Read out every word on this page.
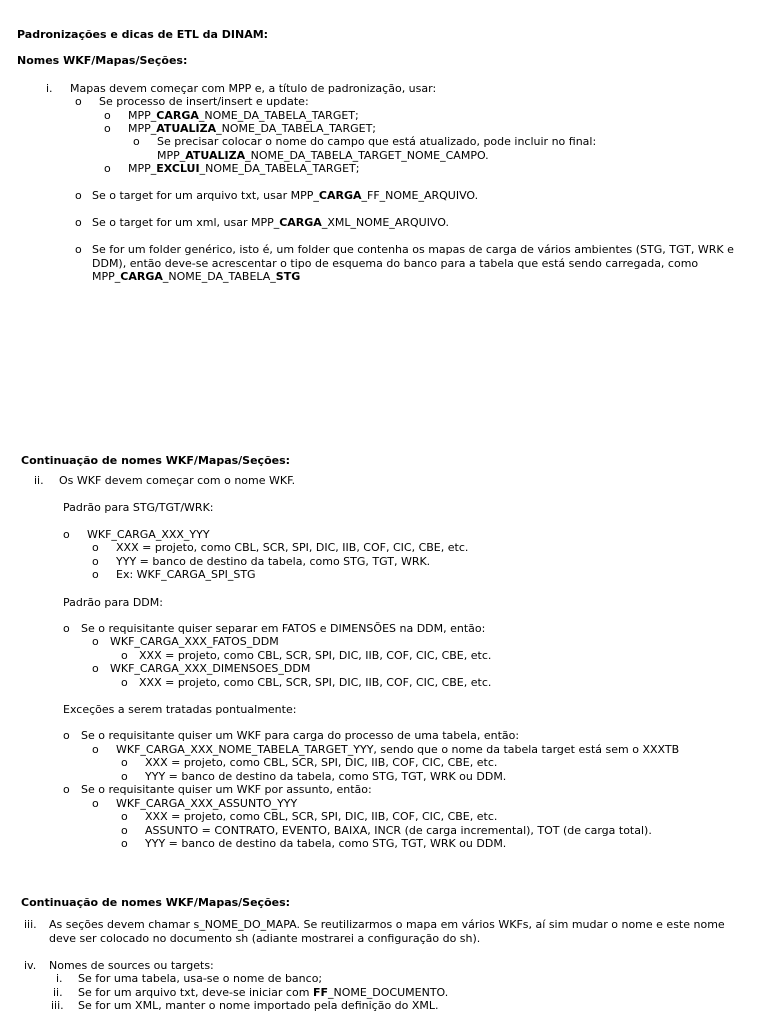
Padronizações e dicas de ETL da DINAM:
Nomes WKF/Mapas/Seções:
i. Mapas devem começar com MPP e, a título de padronização, usar:
o Se processo de insert/insert e update:
o MPP_CARGA_NOME_DA_TABELA_TARGET;
o MPP_ATUALIZA_NOME_DA_TABELA_TARGET;
o Se precisar colocar o nome do campo que está atualizado, pode incluir no final:
MPP_ATUALIZA_NOME_DA_TABELA_TARGET_NOME_CAMPO.
o MPP_EXCLUI_NOME_DA_TABELA_TARGET;
o Se o target for um arquivo txt, usar MPP_CARGA_FF_NOME_ARQUIVO.
o Se o target for um xml, usar MPP_CARGA_XML_NOME_ARQUIVO.
o Se for um folder genérico, isto é, um folder que contenha os mapas de carga de vários ambientes (STG, TGT, WRK e
DDM), então deve-se acrescentar o tipo de esquema do banco para a tabela que está sendo carregada, como
MPP_CARGA_NOME_DA_TABELA_STG
Continuação de nomes WKF/Mapas/Seções:
ii. Os WKF devem começar com o nome WKF.
Padrão para STG/TGT/WRK:
o WKF_CARGA_XXX_YYY
o XXX = projeto, como CBL, SCR, SPI, DIC, IIB, COF, CIC, CBE, etc.
o YYY = banco de destino da tabela, como STG, TGT, WRK.
o Ex: WKF_CARGA_SPI_STG
Padrão para DDM:
o Se o requisitante quiser separar em FATOS e DIMENSÕES na DDM, então:
o WKF_CARGA_XXX_FATOS_DDM
o XXX = projeto, como CBL, SCR, SPI, DIC, IIB, COF, CIC, CBE, etc.
o WKF_CARGA_XXX_DIMENSOES_DDM
o XXX = projeto, como CBL, SCR, SPI, DIC, IIB, COF, CIC, CBE, etc.
Exceções a serem tratadas pontualmente:
o Se o requisitante quiser um WKF para carga do processo de uma tabela, então:
o WKF_CARGA_XXX_NOME_TABELA_TARGET_YYY, sendo que o nome da tabela target está sem o XXXTB
o XXX = projeto, como CBL, SCR, SPI, DIC, IIB, COF, CIC, CBE, etc.
o YYY = banco de destino da tabela, como STG, TGT, WRK ou DDM.
o Se o requisitante quiser um WKF por assunto, então:
o WKF_CARGA_XXX_ASSUNTO_YYY
o XXX = projeto, como CBL, SCR, SPI, DIC, IIB, COF, CIC, CBE, etc.
o ASSUNTO = CONTRATO, EVENTO, BAIXA, INCR (de carga incremental), TOT (de carga total).
o YYY = banco de destino da tabela, como STG, TGT, WRK ou DDM.
Continuação de nomes WKF/Mapas/Seções:
iii. As seções devem chamar s_NOME_DO_MAPA. Se reutilizarmos o mapa em vários WKFs, aí sim mudar o nome e este nome
deve ser colocado no documento sh (adiante mostrarei a configuração do sh).
iv. Nomes de sources ou targets:
i. Se for uma tabela, usa-se o nome de banco;
ii. Se for um arquivo txt, deve-se iniciar com FF_NOME_DOCUMENTO.
iii. Se for um XML, manter o nome importado pela definição do XML.
